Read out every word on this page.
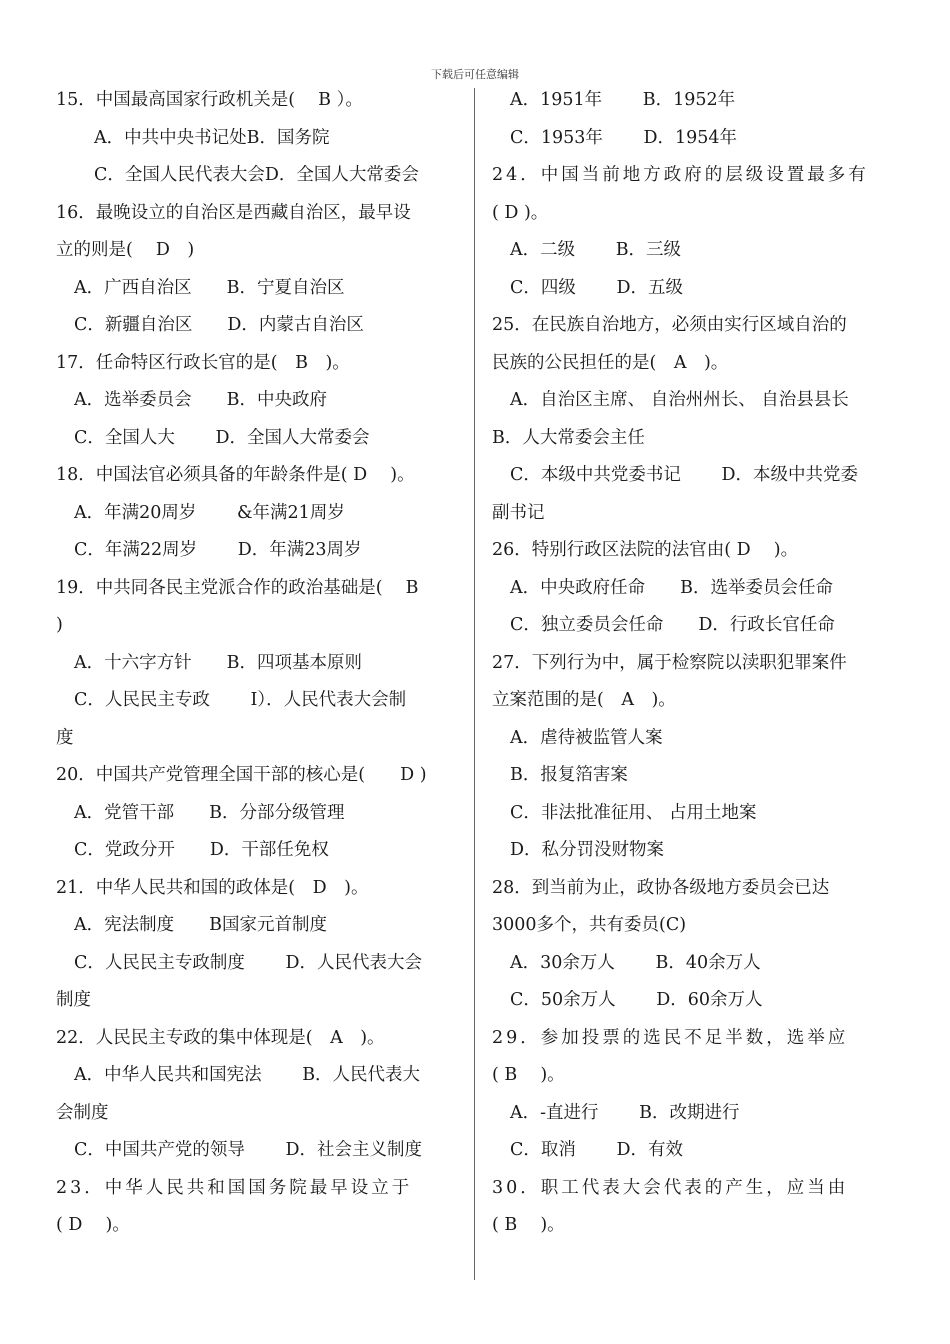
下载后可任意编辑
15．中国最高国家行政机关是(　 B ）。
A．中共中央书记处B．国务院
C．全国人民代表大会D．全国人大常委会
16．最晚设立的自治区是西藏自治区，最早设
立的则是(　 D　)
A．广西自治区　　B．宁夏自治区
C．新疆自治区　　D．内蒙古自治区
17．任命特区行政长官的是(　B　)。
A．选举委员会　　B．中央政府
C．全国人大　　 D．全国人大常委会
18．中国法官必须具备的年龄条件是( D　 )。
A．年满20周岁　　 &年满21周岁
C．年满22周岁　　 D．年满23周岁
19．中共同各民主党派合作的政治基础是(　 B
)
A．十六字方针　　B．四项基本原则
C．人民民主专政　　 I）．人民代表大会制
度
20．中国共产党管理全国干部的核心是(　　D )
A．党管干部　　B．分部分级管理
C．党政分开　　D．干部任免权
21．中华人民共和国的政体是(　D　)。
A．宪法制度　　B国家元首制度
C．人民民主专政制度　　 D．人民代表大会
制度
22．人民民主专政的集中体现是(　A　)。
A．中华人民共和国宪法　　 B．人民代表大
会制度
C．中国共产党的领导　　 D．社会主义制度
23．中华人民共和国国务院最早设立于
( D　 )。
A．1951年　　 B．1952年
C．1953年　　 D．1954年
24．中国当前地方政府的层级设置最多有
( D )。
A．二级　　 B．三级
C．四级　　 D．五级
25．在民族自治地方，必须由实行区域自治的
民族的公民担任的是(　A　)。
A．自治区主席、 自治州州长、 自治县县长
B．人大常委会主任
C．本级中共党委书记　　 D．本级中共党委
副书记
26．特别行政区法院的法官由( D　 )。
A．中央政府任命　　B．选举委员会任命
C．独立委员会任命　　D．行政长官任命
27．下列行为中，属于检察院以渎职犯罪案件
立案范围的是(　A　)。
A．虐待被监管人案
B．报复箔害案
C．非法批准征用、 占用土地案
D．私分罚没财物案
28．到当前为止，政协各级地方委员会已达
3000多个，共有委员(C)
A．30余万人　　 B．40余万人
C．50余万人　　 D．60余万人
29．参加投票的选民不足半数，选举应
( B　 )。
A．-直进行　　 B．改期进行
C．取消　　 D．有效
30．职工代表大会代表的产生，应当由
( B　 )。
